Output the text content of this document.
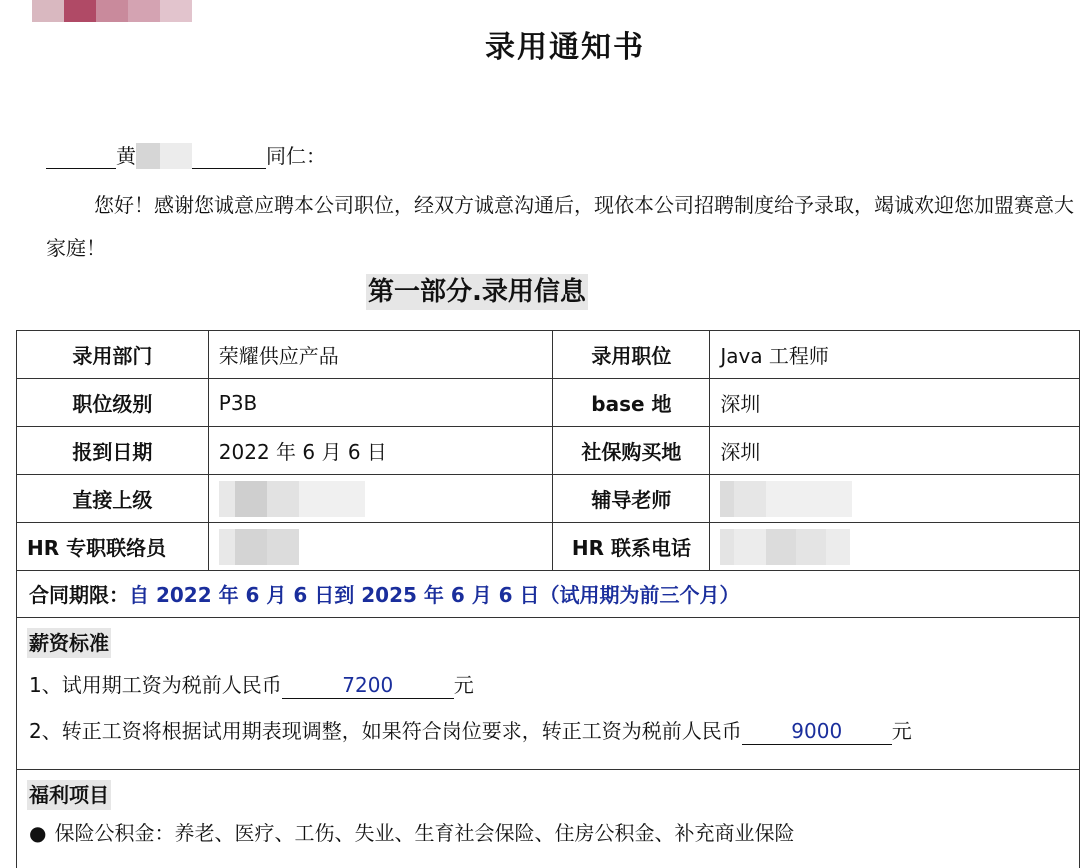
录用通知书
黄	同仁：

您好！感谢您诚意应聘本公司职位，经双方诚意沟通后，现依本公司招聘制度给予录取，竭诚欢迎您加盟赛意大家庭！

第一部分.录用信息
录用部门	荣耀供应产品	录用职位	Java 工程师
职位级别	P3B	base 地	深圳
报到日期	2022 年 6 月 6 日	社保购买地	深圳
直接上级		辅导老师	

HR 专职联络员		HR 联系电话	
合同期限： 自 2022 年 6 月 6 日到 2025 年 6 月 6 日（试用期为前三个月）
薪资标准
1、试用期工资为税前人民币	7200	元
2、转正工资将根据试用期表现调整，如果符合岗位要求，转正工资为税前人民币 9000 元
福利项目
● 保险公积金：养老、医疗、工伤、失业、生育社会保险、住房公积金、补充商业保险
